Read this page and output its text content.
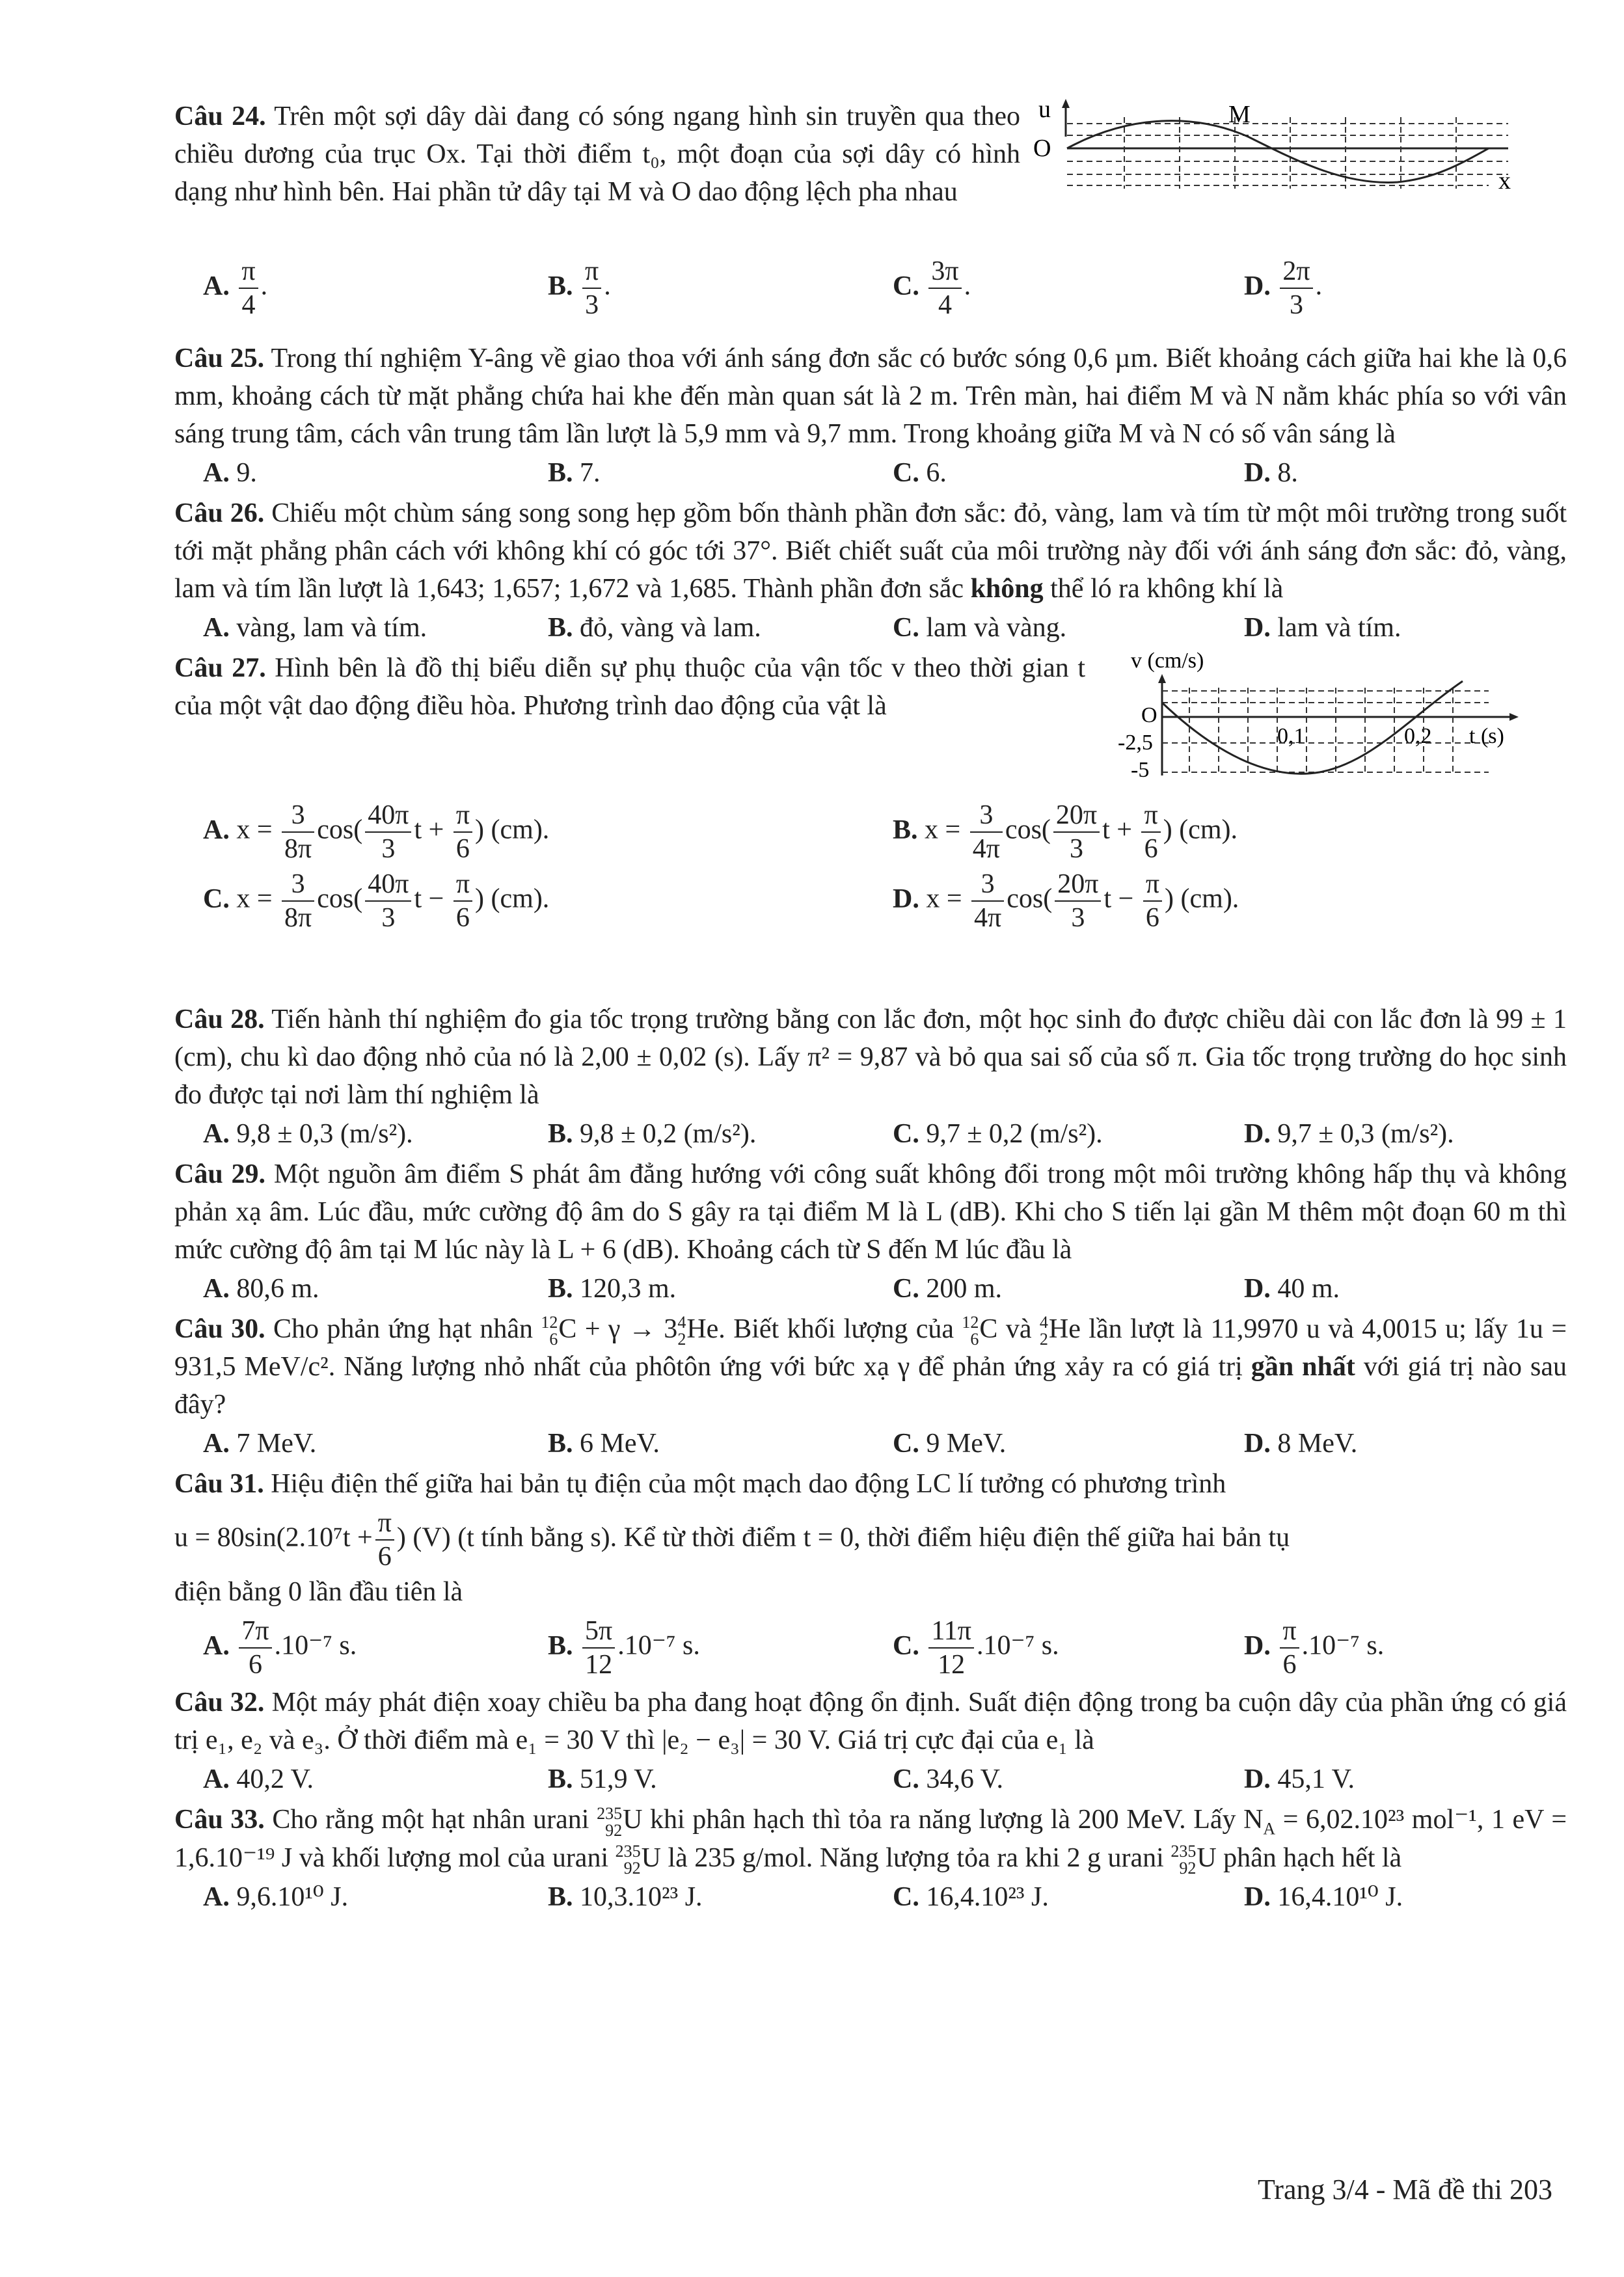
Câu 24. Trên một sợi dây dài đang có sóng ngang hình sin truyền qua theo chiều dương của trục Ox. Tại thời điểm t₀, một đoạn của sợi dây có hình dạng như hình bên. Hai phần tử dây tại M và O dao động lệch pha nhau

u
O
x
M
A. $\frac{\pi}{4}$ .	B. $\frac{\pi}{3}$ .	C. $\frac{3\pi}{4}$ .	D. $\frac{2\pi}{3}$ .

Câu 25. Trong thí nghiệm Y-âng về giao thoa với ánh sáng đơn sắc có bước sóng 0,6 µm. Biết khoảng cách giữa hai khe là 0,6 mm, khoảng cách từ mặt phẳng chứa hai khe đến màn quan sát là 2 m. Trên màn, hai điểm M và N nằm khác phía so với vân sáng trung tâm, cách vân trung tâm lần lượt là 5,9 mm và 9,7 mm. Trong khoảng giữa M và N có số vân sáng là

A. 9.	B. 7.	C. 6.	D. 8.

Câu 26. Chiếu một chùm sáng song song hẹp gồm bốn thành phần đơn sắc: đỏ, vàng, lam và tím từ một môi trường trong suốt tới mặt phẳng phân cách với không khí có góc tới 37°. Biết chiết suất của môi trường này đối với ánh sáng đơn sắc: đỏ, vàng, lam và tím lần lượt là 1,643; 1,657; 1,672 và 1,685. Thành phần đơn sắc không thể ló ra không khí là

A. vàng, lam và tím.	B. đỏ, vàng và lam.	C. lam và vàng.	D. lam và tím.

Câu 27. Hình bên là đồ thị biểu diễn sự phụ thuộc của vận tốc v theo thời gian t của một vật dao động điều hòa. Phương trình dao động của vật là

v (cm/s)
O
-2,5
-5
0,1	0,2 t (s)
A. $x = \frac{3}{8\pi} \cos( \frac{40\pi}{3}$ $t + \frac{\pi}{6}$ ) (cm).	B. $x = \frac{3}{4\pi} \cos( \frac{20\pi}{3}$ $t + \frac{\pi}{6}$ ) (cm).
C. $x = \frac{3}{8\pi} \cos( \frac{40\pi}{3}$ $t - \frac{\pi}{6}$ ) (cm).	D. $x = \frac{3}{4\pi} \cos( \frac{20\pi}{3}$ $t - \frac{\pi}{6}$ ) (cm).

Câu 28. Tiến hành thí nghiệm đo gia tốc trọng trường bằng con lắc đơn, một học sinh đo được chiều dài con lắc đơn là 99 ± 1 (cm), chu kì dao động nhỏ của nó là 2,00 ± 0,02 (s). Lấy π² = 9,87 và bỏ qua sai số của số π. Gia tốc trọng trường do học sinh đo được tại nơi làm thí nghiệm là

A. 9,8 ± 0,3 (m/s²).	B. 9,8 ± 0,2 (m/s²).	C. 9,7 ± 0,2 (m/s²).	D. 9,7 ± 0,3 (m/s²).

Câu 29. Một nguồn âm điểm S phát âm đẳng hướng với công suất không đổi trong một môi trường không hấp thụ và không phản xạ âm. Lúc đầu, mức cường độ âm do S gây ra tại điểm M là L (dB). Khi cho S tiến lại gần M thêm một đoạn 60 m thì mức cường độ âm tại M lúc này là L + 6 (dB). Khoảng cách từ S đến M lúc đầu là

A. 80,6 m.	B. 120,3 m.	C. 200 m.	D. 40 m.

Câu 30. Cho phản ứng hạt nhân 12
6 C + γ → 3 4
2 He. Biết khối lượng của 12
6 C và 4
2 He lần lượt là 11,9970 u và 4,0015 u; lấy 1u = 931,5 MeV/c². Năng lượng nhỏ nhất của phôtôn ứng với bức xạ γ để phản ứng xảy ra có giá trị gần nhất với giá trị nào sau đây?

A. 7 MeV.	B. 6 MeV.	C. 9 MeV.	D. 8 MeV.

Câu 31. Hiệu điện thế giữa hai bản tụ điện của một mạch dao động LC lí tưởng có phương trình

$u = 80\sin(2.10^7t + \frac{\pi}{6}$ ) (V) (t tính bằng s). Kể từ thời điểm t = 0, thời điểm hiệu điện thế giữa hai bản tụ

điện bằng 0 lần đầu tiên là

A. $\frac{7\pi}{6} .10^{-7}$ s.	B. $\frac{5\pi}{12} .10^{-7}$ s.	C. $\frac{11\pi}{12} .10^{-7}$ s.	D. $\frac{\pi}{6} .10^{-7}$ s.

Câu 32. Một máy phát điện xoay chiều ba pha đang hoạt động ổn định. Suất điện động trong ba cuộn dây của phần ứng có giá trị e₁, e₂ và e₃. Ở thời điểm mà e₁ = 30 V thì |e₂ − e₃| = 30 V. Giá trị cực đại của e₁ là

A. 40,2 V.	B. 51,9 V.	C. 34,6 V.	D. 45,1 V.

Câu 33. Cho rằng một hạt nhân urani 235
92 U khi phân hạch thì tỏa ra năng lượng là 200 MeV. Lấy $N_A = 6,02.10^{23}$ mol⁻¹, 1 eV = 1,6.10⁻¹⁹ J và khối lượng mol của urani 235
92 U là 235 g/mol. Năng lượng tỏa ra khi 2 g urani 235
92 U phân hạch hết là

A. 9,6.10¹⁰ J.	B. 10,3.10²³ J.	C. 16,4.10²³ J.	D. 16,4.10¹⁰ J.
Trang 3/4 - Mã đề thi 203
